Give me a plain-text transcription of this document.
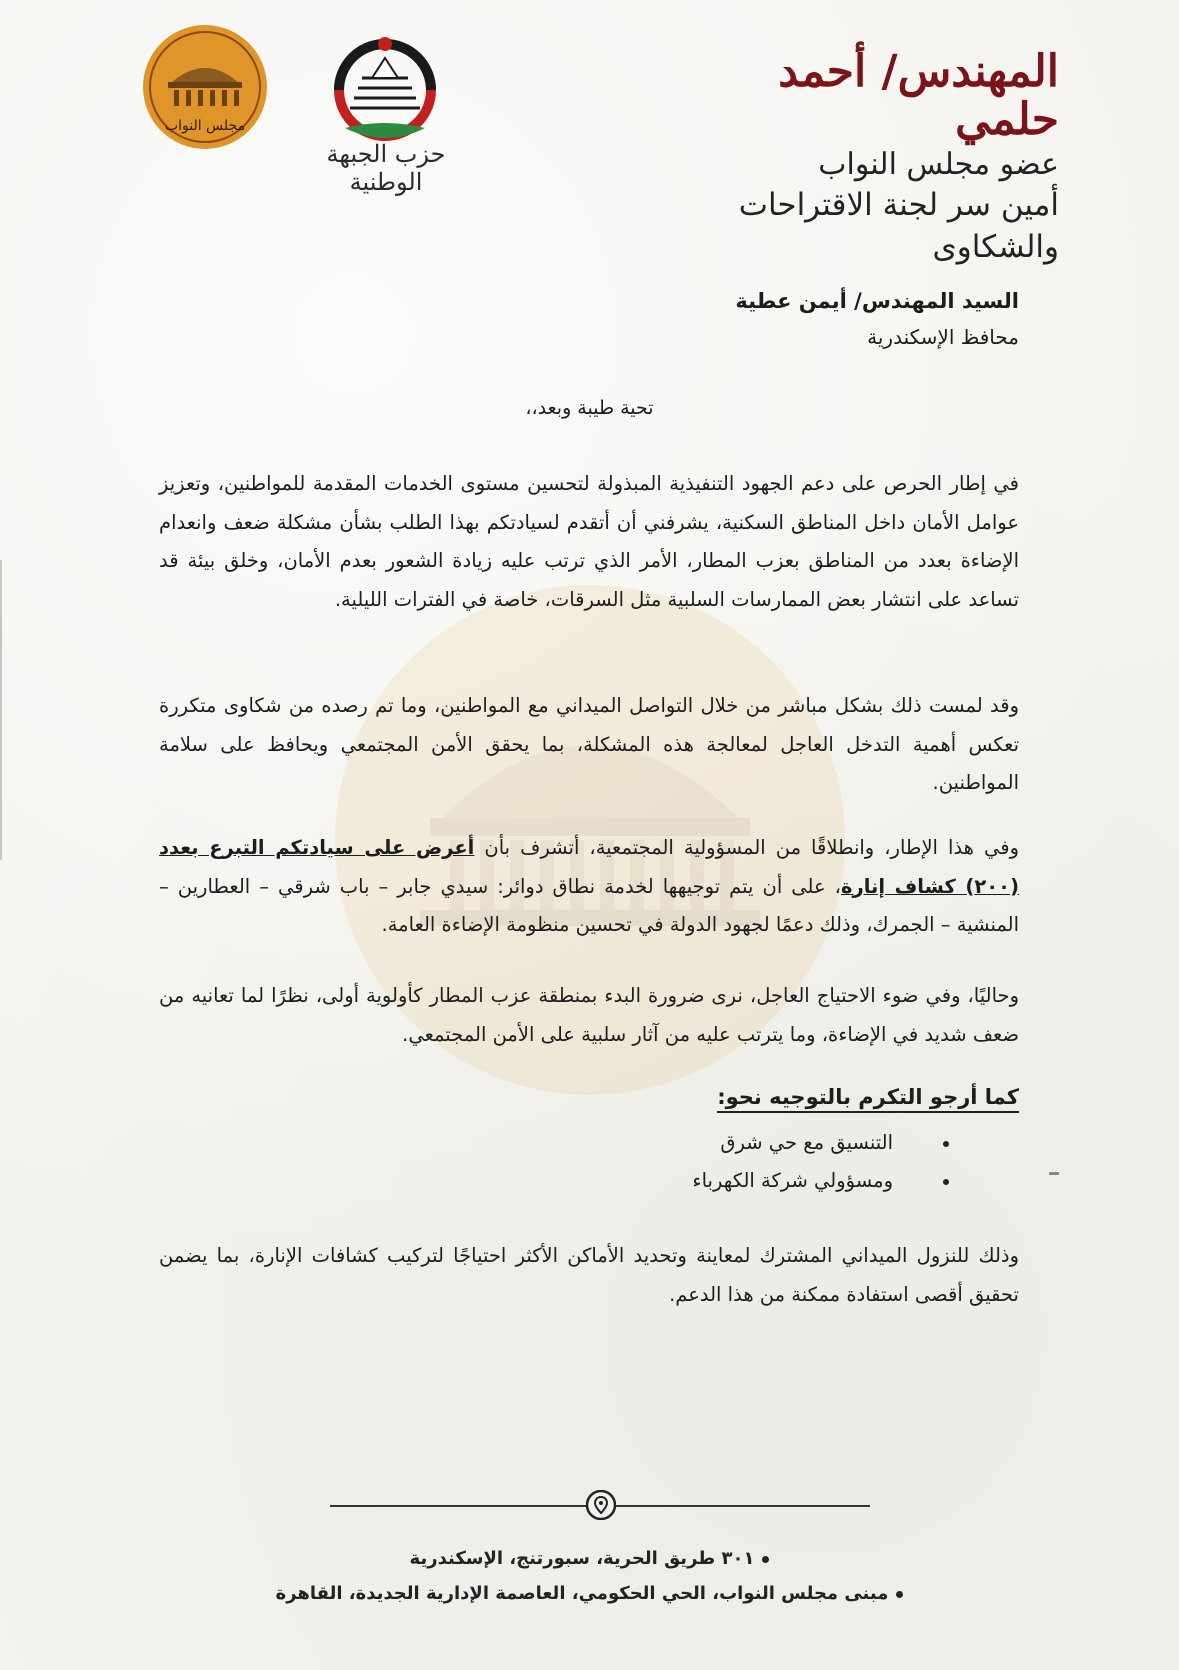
المهندس/ أحمد حلمي
عضو مجلس النواب
أمين سر لجنة الاقتراحات والشكاوى
حزب الجبهة الوطنية
مجلس النواب
السيد المهندس/ أيمن عطية
محافظ الإسكندرية
تحية طيبة وبعد،،
في إطار الحرص على دعم الجهود التنفيذية المبذولة لتحسين مستوى الخدمات المقدمة للمواطنين، وتعزيز عوامل الأمان داخل المناطق السكنية، يشرفني أن أتقدم لسيادتكم بهذا الطلب بشأن مشكلة ضعف وانعدام الإضاءة بعدد من المناطق بعزب المطار، الأمر الذي ترتب عليه زيادة الشعور بعدم الأمان، وخلق بيئة قد تساعد على انتشار بعض الممارسات السلبية مثل السرقات، خاصة في الفترات الليلية.
وقد لمست ذلك بشكل مباشر من خلال التواصل الميداني مع المواطنين، وما تم رصده من شكاوى متكررة تعكس أهمية التدخل العاجل لمعالجة هذه المشكلة، بما يحقق الأمن المجتمعي ويحافظ على سلامة المواطنين.
وفي هذا الإطار، وانطلاقًا من المسؤولية المجتمعية، أتشرف بأن أعرض على سيادتكم التبرع بعدد (٢٠٠) كشاف إنارة، على أن يتم توجيهها لخدمة نطاق دوائر: سيدي جابر – باب شرقي – العطارين – المنشية – الجمرك، وذلك دعمًا لجهود الدولة في تحسين منظومة الإضاءة العامة.
وحاليًا، وفي ضوء الاحتياج العاجل، نرى ضرورة البدء بمنطقة عزب المطار كأولوية أولى، نظرًا لما تعانيه من ضعف شديد في الإضاءة، وما يترتب عليه من آثار سلبية على الأمن المجتمعي.
كما أرجو التكرم بالتوجيه نحو:
التنسيق مع حي شرق
ومسؤولي شركة الكهرباء
وذلك للنزول الميداني المشترك لمعاينة وتحديد الأماكن الأكثر احتياجًا لتركيب كشافات الإنارة، بما يضمن تحقيق أقصى استفادة ممكنة من هذا الدعم.
٣٠١ طريق الحرية، سبورتنج، الإسكندرية
مبنى مجلس النواب، الحي الحكومي، العاصمة الإدارية الجديدة، القاهرة
